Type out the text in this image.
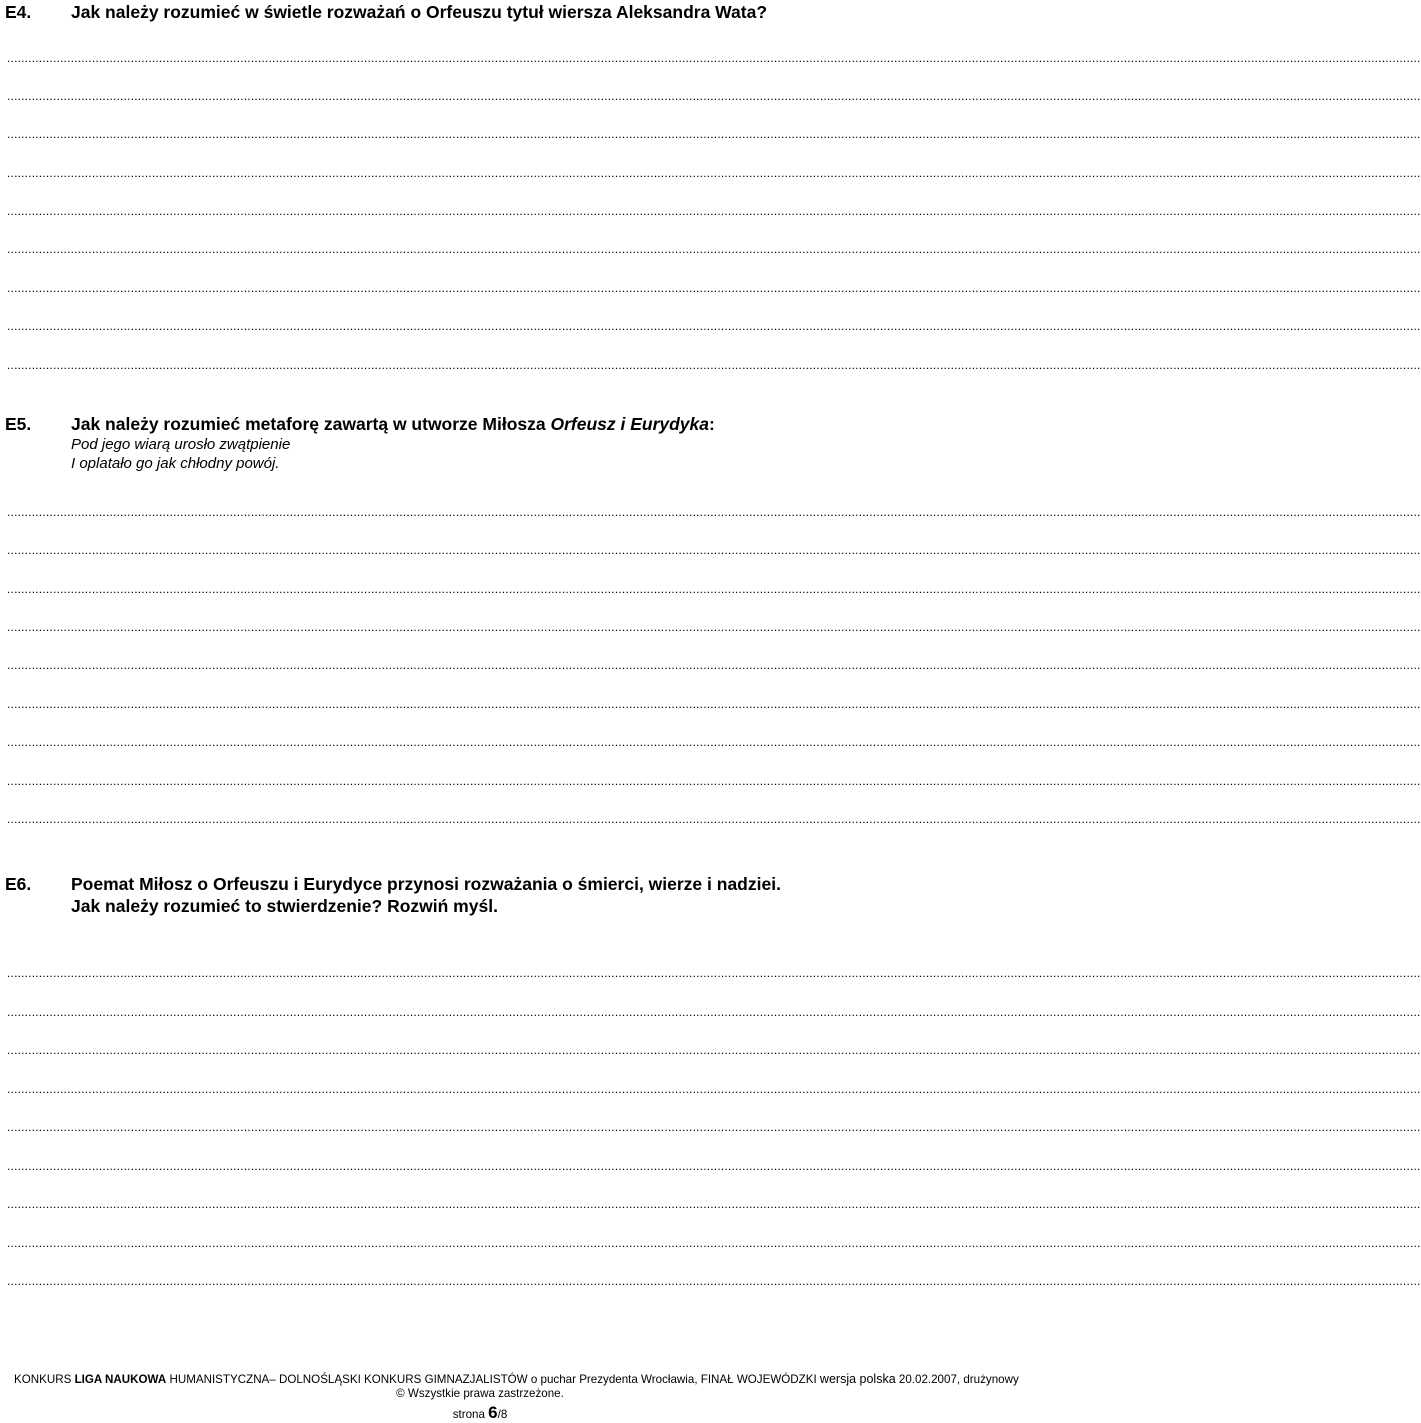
E4. Jak należy rozumieć w świetle rozważań o Orfeuszu tytuł wiersza Aleksandra Wata?
................................................................................................................................................................................................................................................................................................................................................................................................................
................................................................................................................................................................................................................................................................................................................................................................................................................
................................................................................................................................................................................................................................................................................................................................................................................................................
................................................................................................................................................................................................................................................................................................................................................................................................................
................................................................................................................................................................................................................................................................................................................................................................................................................
................................................................................................................................................................................................................................................................................................................................................................................................................
................................................................................................................................................................................................................................................................................................................................................................................................................
................................................................................................................................................................................................................................................................................................................................................................................................................
................................................................................................................................................................................................................................................................................................................................................................................................................
E5. Jak należy rozumieć metaforę zawartą w utworze Miłosza Orfeusz i Eurydyka:
Pod jego wiarą urosło zwątpienie
I oplatało go jak chłodny powój.
................................................................................................................................................................................................................................................................................................................................................................................................................
................................................................................................................................................................................................................................................................................................................................................................................................................
................................................................................................................................................................................................................................................................................................................................................................................................................
................................................................................................................................................................................................................................................................................................................................................................................................................
................................................................................................................................................................................................................................................................................................................................................................................................................
................................................................................................................................................................................................................................................................................................................................................................................................................
................................................................................................................................................................................................................................................................................................................................................................................................................
................................................................................................................................................................................................................................................................................................................................................................................................................
................................................................................................................................................................................................................................................................................................................................................................................................................
E6. Poemat Miłosz o Orfeuszu i Eurydyce przynosi rozważania o śmierci, wierze i nadziei.
Jak należy rozumieć to stwierdzenie? Rozwiń myśl.
................................................................................................................................................................................................................................................................................................................................................................................................................
................................................................................................................................................................................................................................................................................................................................................................................................................
................................................................................................................................................................................................................................................................................................................................................................................................................
................................................................................................................................................................................................................................................................................................................................................................................................................
................................................................................................................................................................................................................................................................................................................................................................................................................
................................................................................................................................................................................................................................................................................................................................................................................................................
................................................................................................................................................................................................................................................................................................................................................................................................................
................................................................................................................................................................................................................................................................................................................................................................................................................
................................................................................................................................................................................................................................................................................................................................................................................................................
KONKURS LIGA NAUKOWA HUMANISTYCZNA– DOLNOŚLĄSKI KONKURS GIMNAZJALISTÓW o puchar Prezydenta Wrocławia, FINAŁ WOJEWÓDZKI wersja polska 20.02.2007, drużynowy
© Wszystkie prawa zastrzeżone.
strona 6/8
